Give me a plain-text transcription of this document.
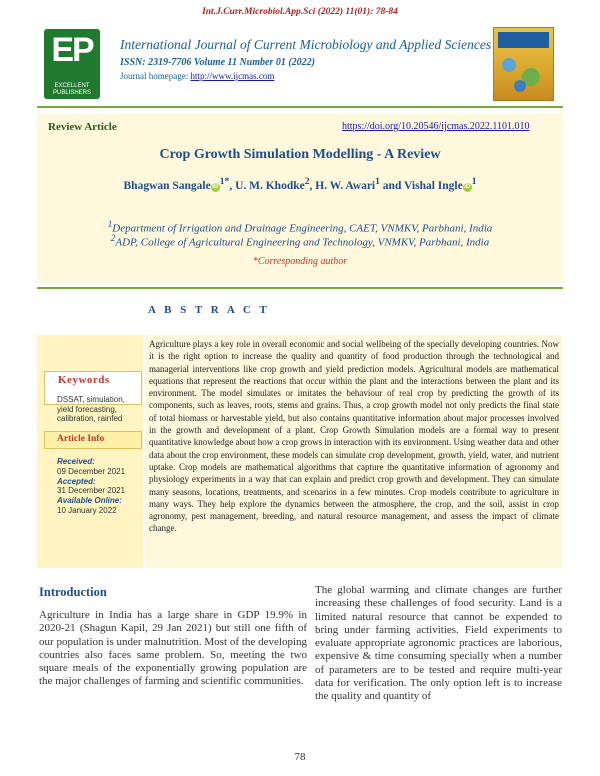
Int.J.Curr.Microbiol.App.Sci (2022) 11(01): 78-84
EP
EXCELLENT PUBLISHERS
International Journal of Current Microbiology and Applied Sciences
ISSN: 2319-7706 Volume 11 Number 01 (2022)
Journal homepage: http://www.ijcmas.com
Review Article	https://doi.org/10.20546/ijcmas.2022.1101.010
Crop Growth Simulation Modelling - A Review
Bhagwan Sangale iD $^{1*}$, U. M. Khodke$^2$, H. W. Awari$^1$ and Vishal Ingle iD $^1$
$^1$Department of Irrigation and Drainage Engineering, CAET, VNMKV, Parbhani, India
$^2$ADP, College of Agricultural Engineering and Technology, VNMKV, Parbhani, India
*Corresponding author
A B S T R A C T
Keywords
DSSAT, simulation, yield forecasting, calibration, rainfed
Article Info
Received:
09 December 2021
Accepted:
31 December 2021
Available Online:
10 January 2022
Agriculture plays a key role in overall economic and social wellbeing of the specially developing countries. Now it is the right option to increase the quality and quantity of food production through the technological and managerial interventions like crop growth and yield prediction models. Agricultural models are mathematical equations that represent the reactions that occur within the plant and the interactions between the plant and its environment. The model simulates or imitates the behaviour of real crop by predicting the growth of its components, such as leaves, roots, stems and grains. Thus, a crop growth model not only predicts the final state of total biomass or harvestable yield, but also contains quantitative information about major processes involved in the growth and development of a plant. Crop Growth Simulation models are a formal way to present quantitative knowledge about how a crop grows in interaction with its environment. Using weather data and other data about the crop environment, these models can simulate crop development, growth, yield, water, and nutrient uptake. Crop models are mathematical algorithms that capture the quantitative information of agronomy and physiology experiments in a way that can explain and predict crop growth and development. They can simulate many seasons, locations, treatments, and scenarios in a few minutes. Crop models contribute to agriculture in many ways. They help explore the dynamics between the atmosphere, the crop, and the soil, assist in crop agronomy, pest management, breeding, and natural resource management, and assess the impact of climate change.
Introduction
Agriculture in India has a large share in GDP 19.9% in 2020-21 (Shagun Kapil, 29 Jan 2021) but still one fifth of our population is under malnutrition. Most of the developing countries also faces same problem. So, meeting the two square meals of the exponentially growing population are the major challenges of farming and scientific communities.
The global warming and climate changes are further increasing these challenges of food security. Land is a limited natural resource that cannot be expended to bring under farming activities. Field experiments to evaluate appropriate agronomic practices are laborious, expensive & time consuming specially when a number of parameters are to be tested and require multi-year data for verification. The only option left is to increase the quality and quantity of
78
